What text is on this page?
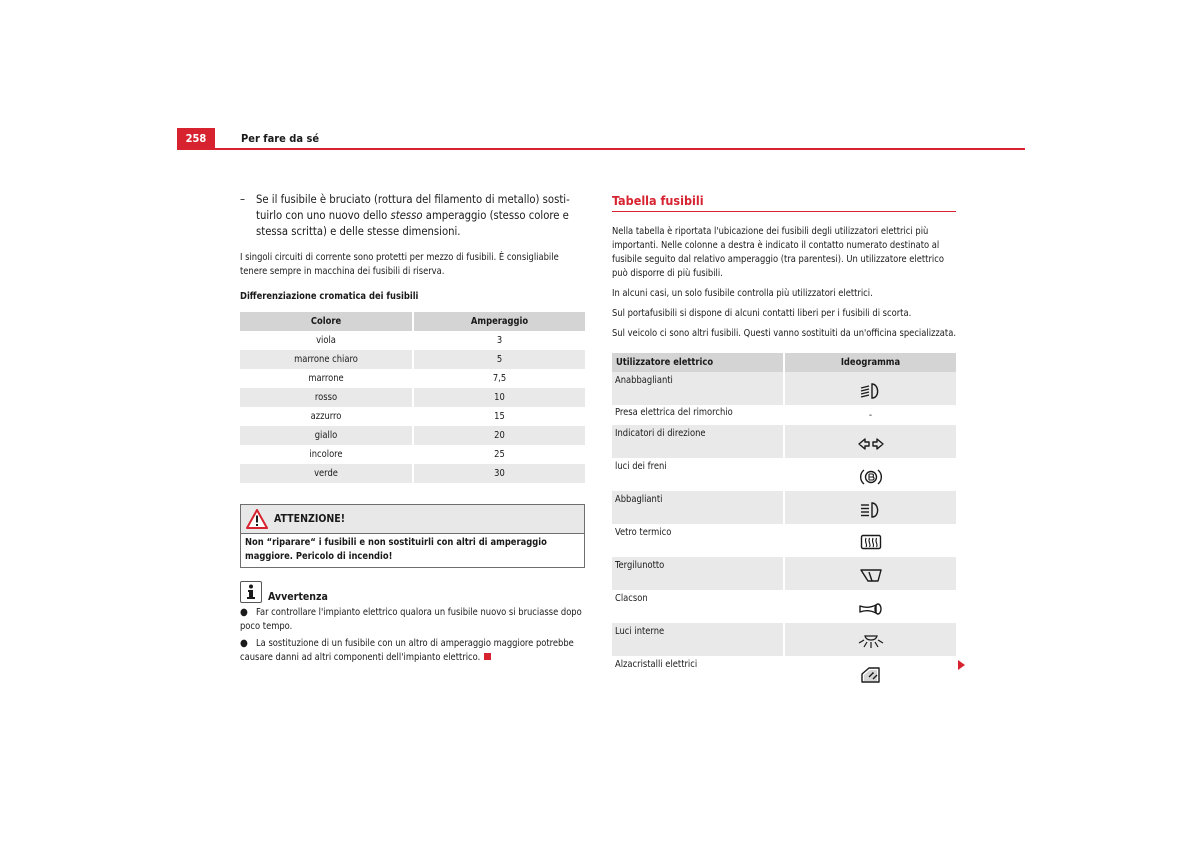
258	Per fare da sé

– Se il fusibile è bruciato (rottura del filamento di metallo) sostituirlo con uno nuovo dello stesso amperaggio (stesso colore e stessa scritta) e delle stesse dimensioni.

I singoli circuiti di corrente sono protetti per mezzo di fusibili. È consigliabile tenere sempre in macchina dei fusibili di riserva.

Differenziazione cromatica dei fusibili

Colore	Amperaggio
viola	3
marrone chiaro	5
marrone	7,5
rosso	10
azzurro	15
giallo	20
incolore	25
verde	30
ATTENZIONE!
Non “riparare“ i fusibili e non sostituirli con altri di amperaggio maggiore. Pericolo di incendio!
Avvertenza

● Far controllare l'impianto elettrico qualora un fusibile nuovo si bruciasse dopo poco tempo.

● La sostituzione di un fusibile con un altro di amperaggio maggiore potrebbe causare danni ad altri componenti dell'impianto elettrico.

Tabella fusibili

Nella tabella è riportata l'ubicazione dei fusibili degli utilizzatori elettrici più importanti. Nelle colonne a destra è indicato il contatto numerato destinato al fusibile seguito dal relativo amperaggio (tra parentesi). Un utilizzatore elettrico può disporre di più fusibili.

In alcuni casi, un solo fusibile controlla più utilizzatori elettrici.

Sul portafusibili si dispone di alcuni contatti liberi per i fusibili di scorta.

Sul veicolo ci sono altri fusibili. Questi vanno sostituiti da un'officina specializzata.

Utilizzatore elettrico	Ideogramma
Anabbaglianti	
Presa elettrica del rimorchio	-
Indicatori di direzione	
luci dei freni	
Abbaglianti	
Vetro termico	
Tergilunotto	
Clacson	
Luci interne	
Alzacristalli elettrici	
